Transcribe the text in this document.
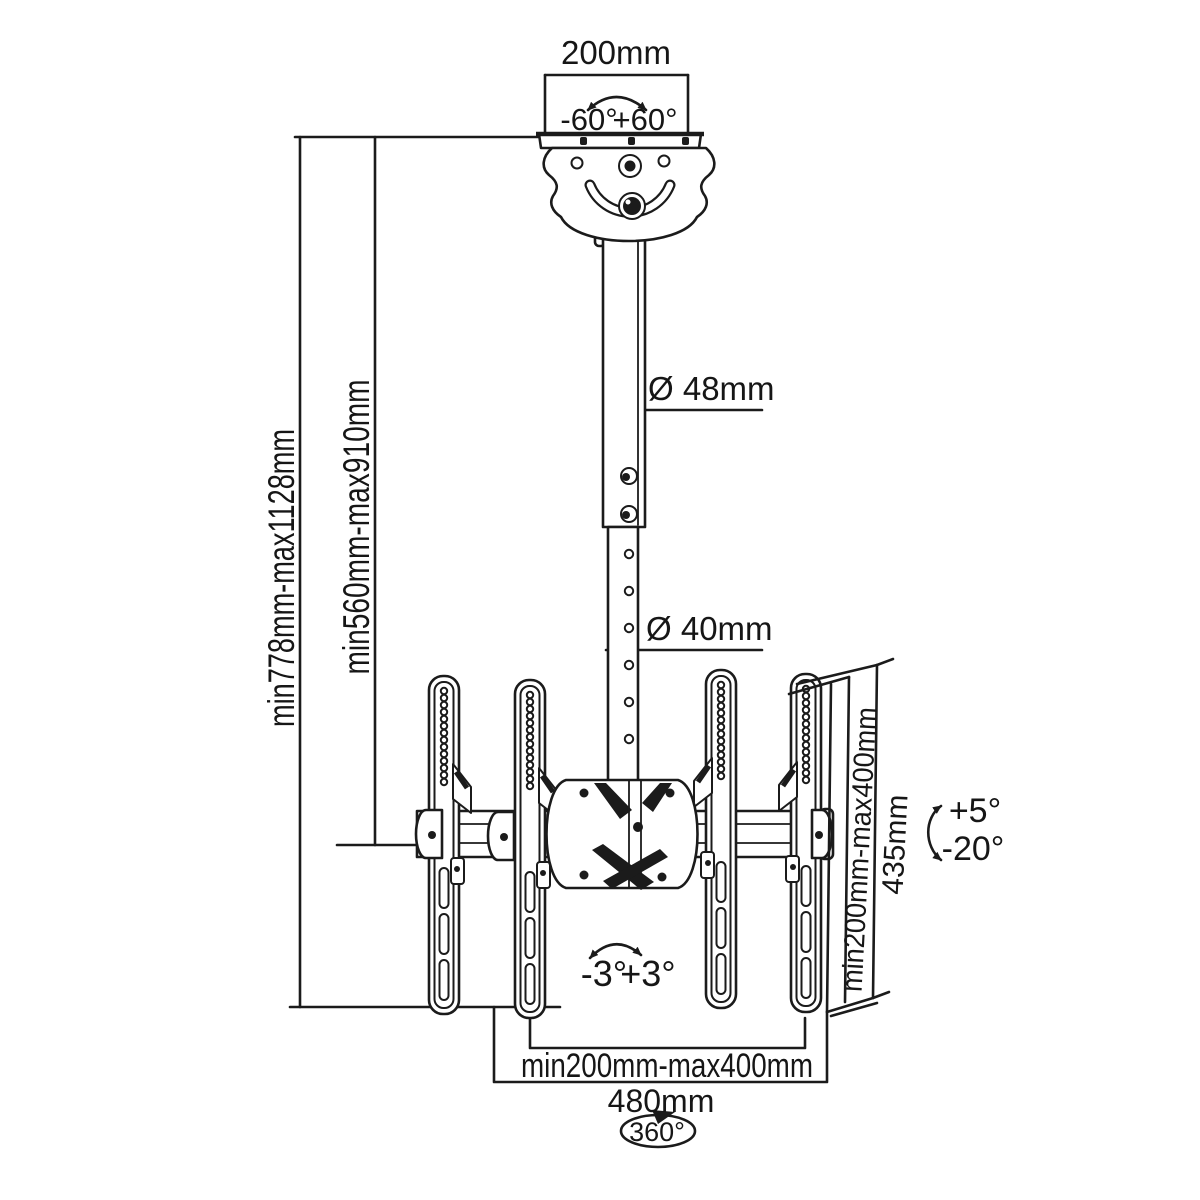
200mm
-60°
+60°
Ø 48mm
Ø 40mm
min778mm-max1128mm min560mm-max910mm
min200mm-max400mm
435mm +5°
-20°
-3°
+3°
min200mm-max400mm
480mm
360°
